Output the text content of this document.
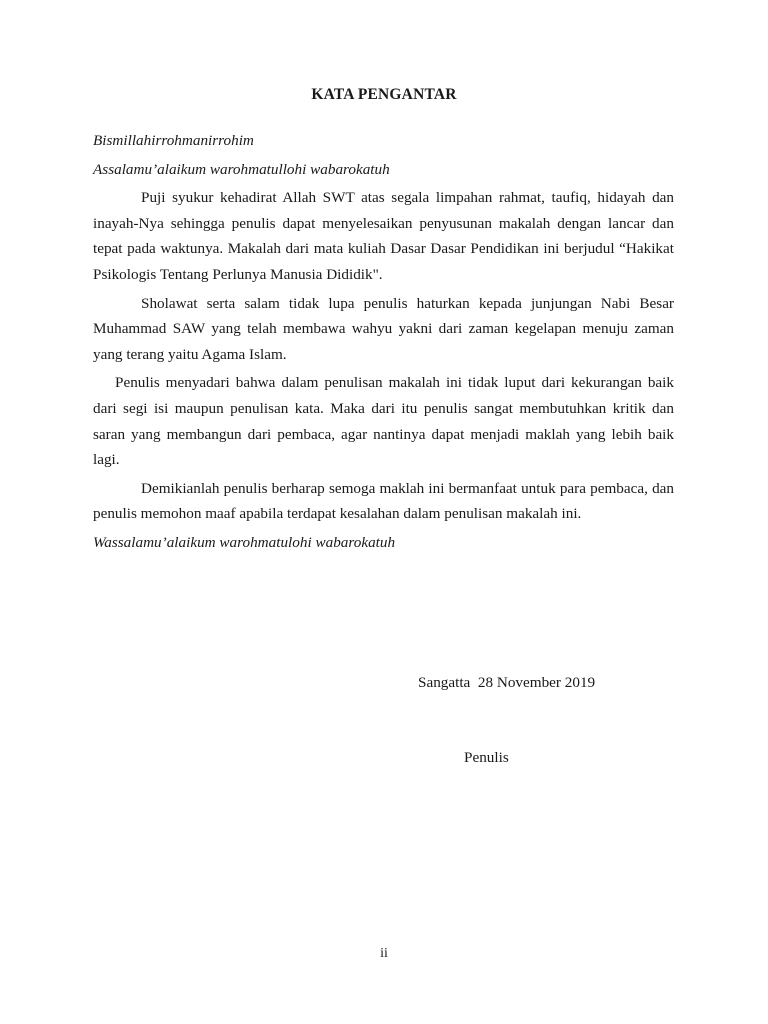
KATA PENGANTAR

Bismillahirrohmanirrohim

Assalamu’alaikum warohmatullohi wabarokatuh

Puji syukur kehadirat Allah SWT atas segala limpahan rahmat, taufiq, hidayah dan inayah-Nya sehingga penulis dapat menyelesaikan penyusunan makalah dengan lancar dan tepat pada waktunya. Makalah dari mata kuliah Dasar Dasar Pendidikan ini berjudul “Hakikat Psikologis Tentang Perlunya Manusia Dididik".

Sholawat serta salam tidak lupa penulis haturkan kepada junjungan Nabi Besar Muhammad SAW yang telah membawa wahyu yakni dari zaman kegelapan menuju zaman yang terang yaitu Agama Islam.

Penulis menyadari bahwa dalam penulisan makalah ini tidak luput dari kekurangan baik dari segi isi maupun penulisan kata. Maka dari itu penulis sangat membutuhkan kritik dan saran yang membangun dari pembaca, agar nantinya dapat menjadi maklah yang lebih baik lagi.

Demikianlah penulis berharap semoga maklah ini bermanfaat untuk para pembaca, dan penulis memohon maaf apabila terdapat kesalahan dalam penulisan makalah ini.

Wassalamu’alaikum warohmatulohi wabarokatuh

Sangatta  28 November 2019
Penulis
ii
